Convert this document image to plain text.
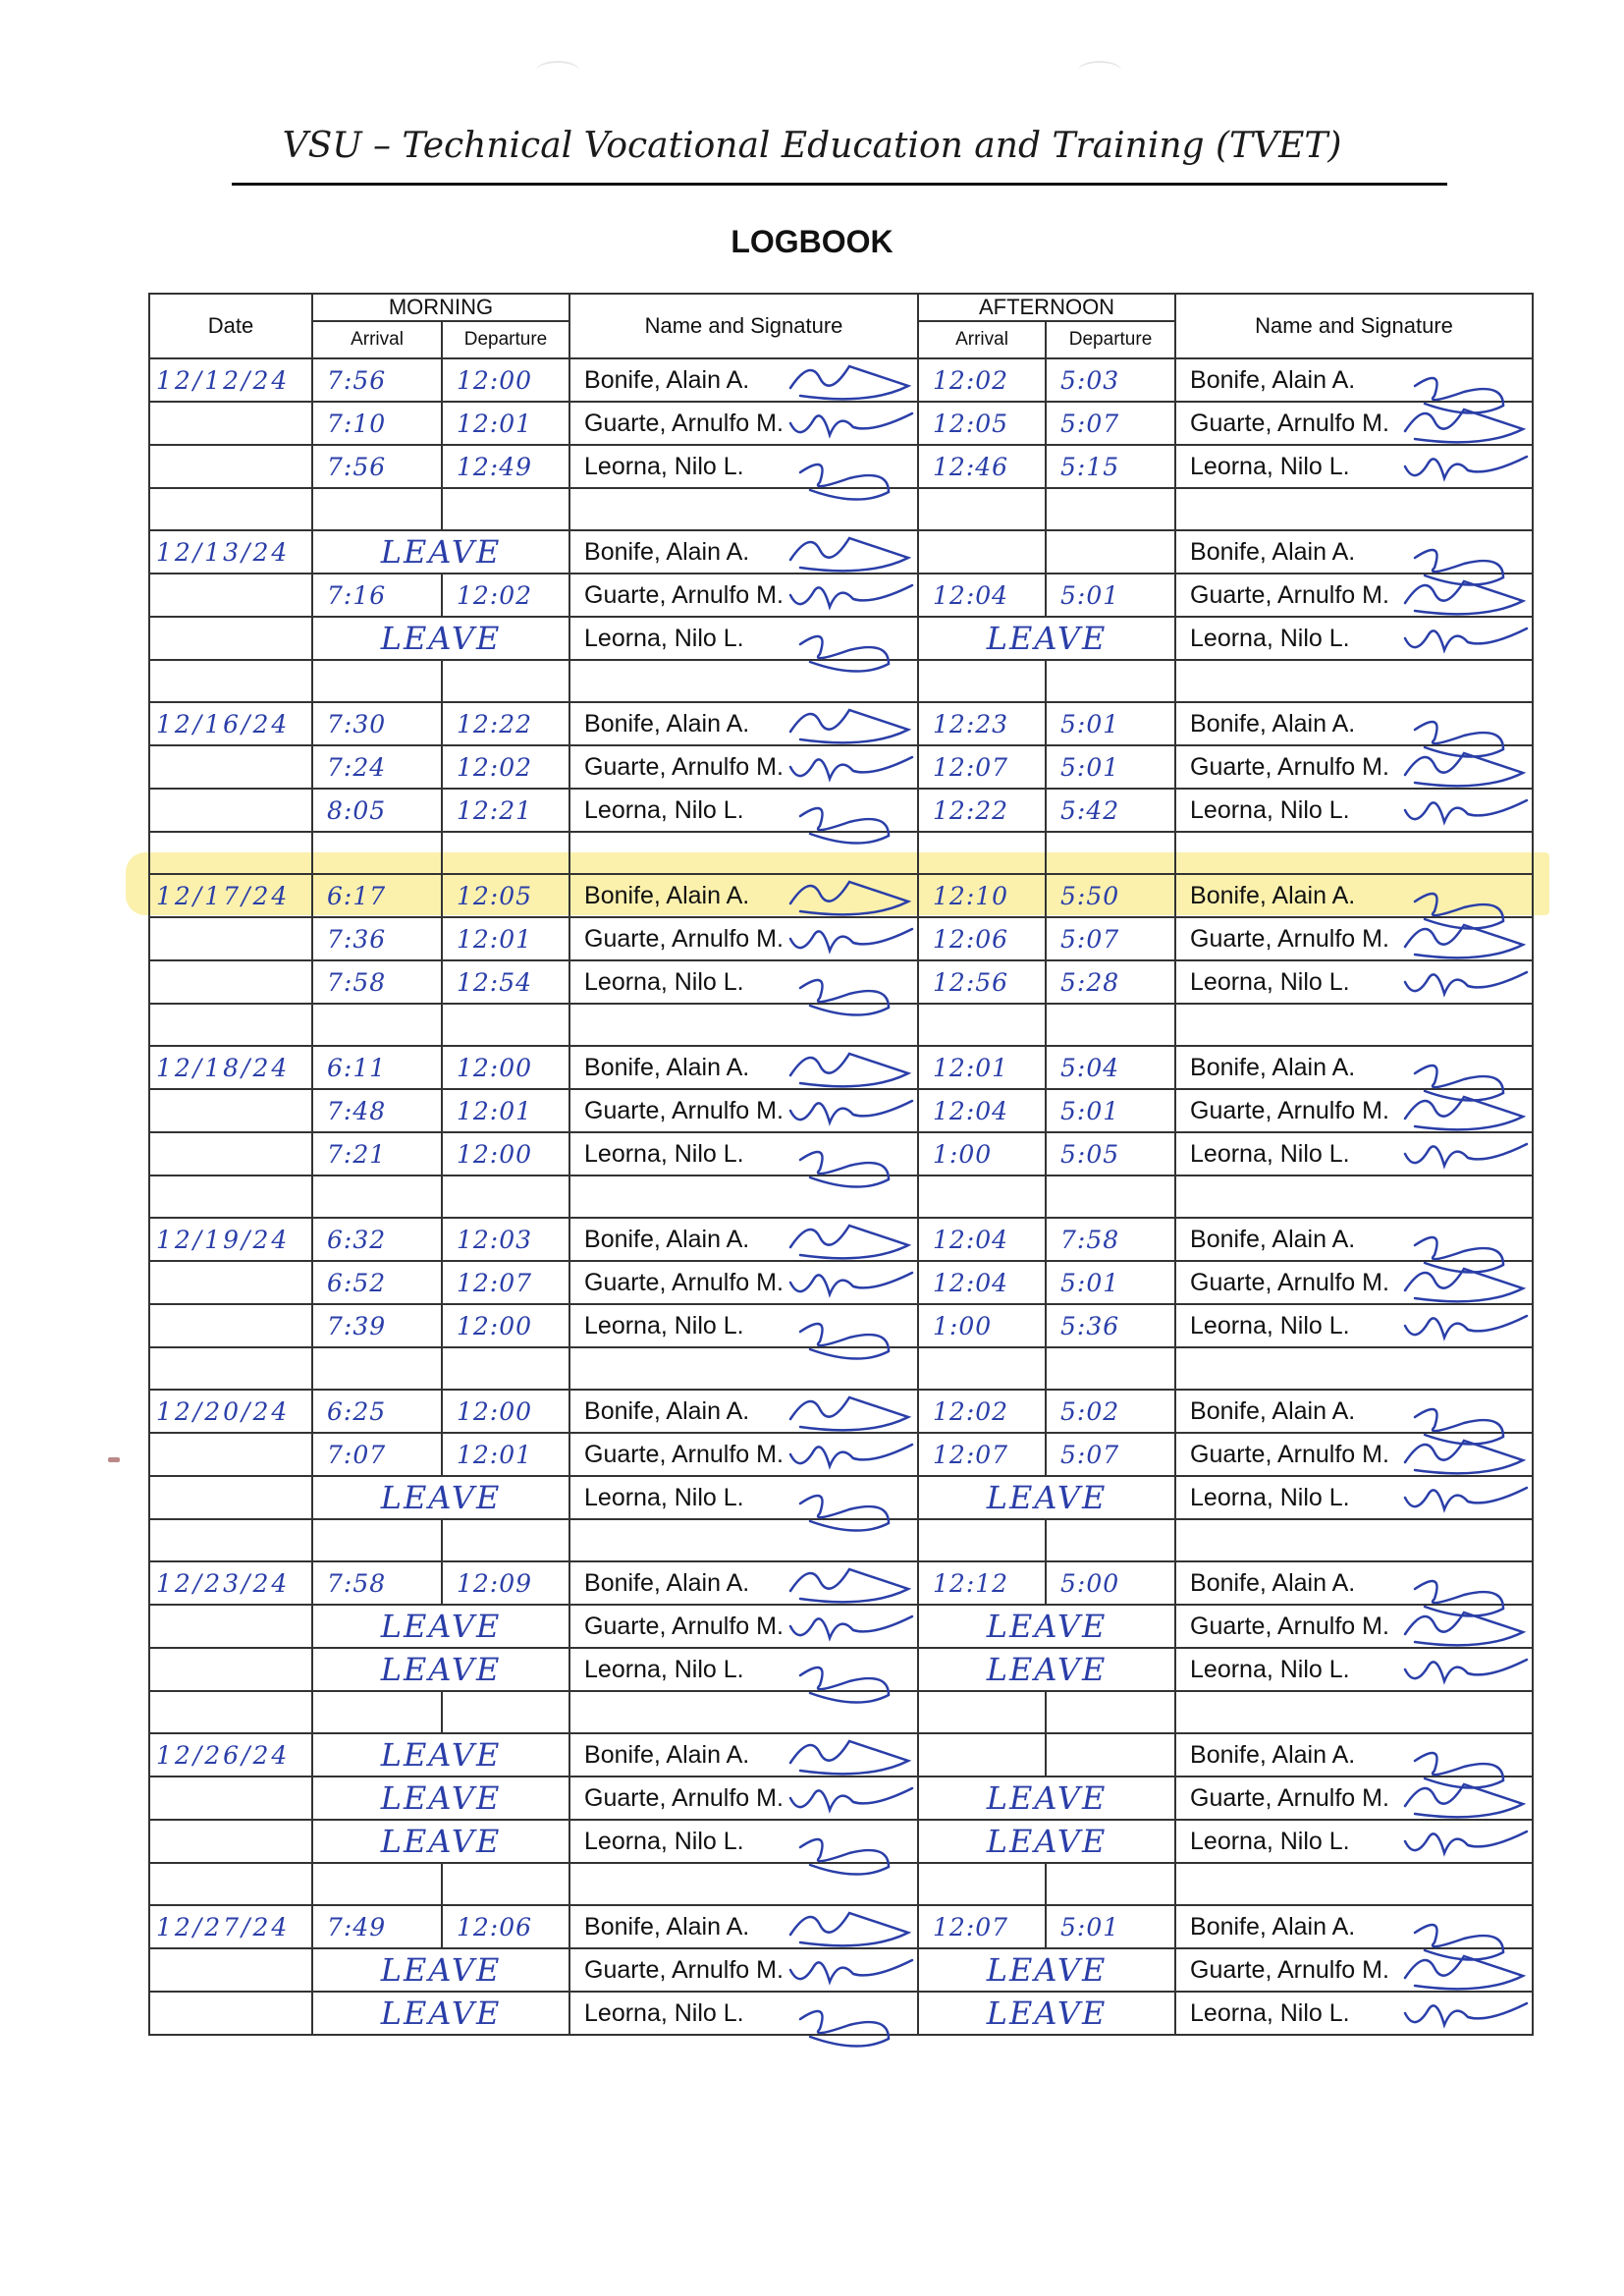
VSU – Technical Vocational Education and Training (TVET)
LOGBOOK
Date	MORNING		Name and Signature	AFTERNOON		Name and Signature
	Arrival	Departure		Arrival	Departure	
12/12/24	7:56	12:00	Bonife, Alain A.	12:02	5:03	Bonife, Alain A.
	7:10	12:01	Guarte, Arnulfo M.	12:05	5:07	Guarte, Arnulfo M.
	7:56	12:49	Leorna, Nilo L.	12:46	5:15	Leorna, Nilo L.

12/13/24	LEAVE		Bonife, Alain A.			Bonife, Alain A.
	7:16	12:02	Guarte, Arnulfo M.	12:04	5:01	Guarte, Arnulfo M.

	LEAVE		Leorna, Nilo L.	LEAVE		Leorna, Nilo L.

12/16/24	7:30	12:22	Bonife, Alain A.	12:23	5:01	Bonife, Alain A.
	7:24	12:02	Guarte, Arnulfo M.	12:07	5:01	Guarte, Arnulfo M.
	8:05	12:21	Leorna, Nilo L.	12:22	5:42	Leorna, Nilo L.

12/17/24	6:17	12:05	Bonife, Alain A.	12:10	5:50	Bonife, Alain A.
	7:36	12:01	Guarte, Arnulfo M.	12:06	5:07	Guarte, Arnulfo M.
	7:58	12:54	Leorna, Nilo L.	12:56	5:28	Leorna, Nilo L.

12/18/24	6:11	12:00	Bonife, Alain A.	12:01	5:04	Bonife, Alain A.
	7:48	12:01	Guarte, Arnulfo M.	12:04	5:01	Guarte, Arnulfo M.
	7:21	12:00	Leorna, Nilo L.	1:00	5:05	Leorna, Nilo L.

12/19/24	6:32	12:03	Bonife, Alain A.	12:04	7:58	Bonife, Alain A.
	6:52	12:07	Guarte, Arnulfo M.	12:04	5:01	Guarte, Arnulfo M.
	7:39	12:00	Leorna, Nilo L.	1:00	5:36	Leorna, Nilo L.

12/20/24	6:25	12:00	Bonife, Alain A.	12:02	5:02	Bonife, Alain A.
	7:07	12:01	Guarte, Arnulfo M.	12:07	5:07	Guarte, Arnulfo M.

	LEAVE		Leorna, Nilo L.	LEAVE		Leorna, Nilo L.

12/23/24	7:58	12:09	Bonife, Alain A.	12:12	5:00	Bonife, Alain A.

	LEAVE		Guarte, Arnulfo M.	LEAVE		Guarte, Arnulfo M.

	LEAVE		Leorna, Nilo L.	LEAVE		Leorna, Nilo L.

12/26/24	LEAVE		Bonife, Alain A.			Bonife, Alain A.

	LEAVE		Guarte, Arnulfo M.	LEAVE		Guarte, Arnulfo M.

	LEAVE		Leorna, Nilo L.	LEAVE		Leorna, Nilo L.

12/27/24	7:49	12:06	Bonife, Alain A.	12:07	5:01	Bonife, Alain A.

	LEAVE		Guarte, Arnulfo M.	LEAVE		Guarte, Arnulfo M.

	LEAVE		Leorna, Nilo L.	LEAVE		Leorna, Nilo L.
